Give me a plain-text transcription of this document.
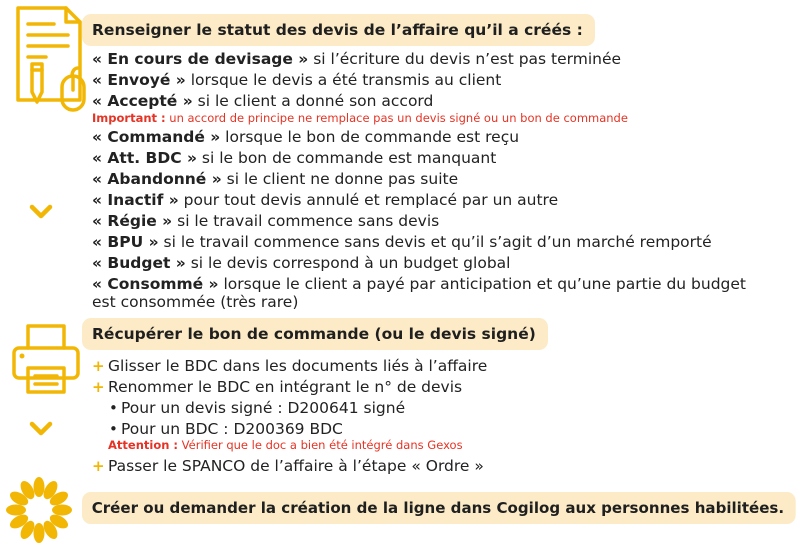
Renseigner le statut des devis de l’affaire qu’il a créés :
« En cours de devisage » si l’écriture du devis n’est pas terminée
« Envoyé » lorsque le devis a été transmis au client
« Accepté » si le client a donné son accord
Important : un accord de principe ne remplace pas un devis signé ou un bon de commande
« Commandé » lorsque le bon de commande est reçu
« Att. BDC » si le bon de commande est manquant
« Abandonné » si le client ne donne pas suite
« Inactif » pour tout devis annulé et remplacé par un autre
« Régie » si le travail commence sans devis
« BPU » si le travail commence sans devis et qu’il s’agit d’un marché remporté
« Budget » si le devis correspond à un budget global
« Consommé » lorsque le client a payé par anticipation et qu’une partie du budget
est consommée (très rare)
Récupérer le bon de commande (ou le devis signé)
+ Glisser le BDC dans les documents liés à l’affaire
+ Renommer le BDC en intégrant le n° de devis
• Pour un devis signé : D200641 signé
• Pour un BDC : D200369 BDC
Attention : Vérifier que le doc a bien été intégré dans Gexos
+ Passer le SPANCO de l’affaire à l’étape « Ordre »
Créer ou demander la création de la ligne dans Cogilog aux personnes habilitées.
